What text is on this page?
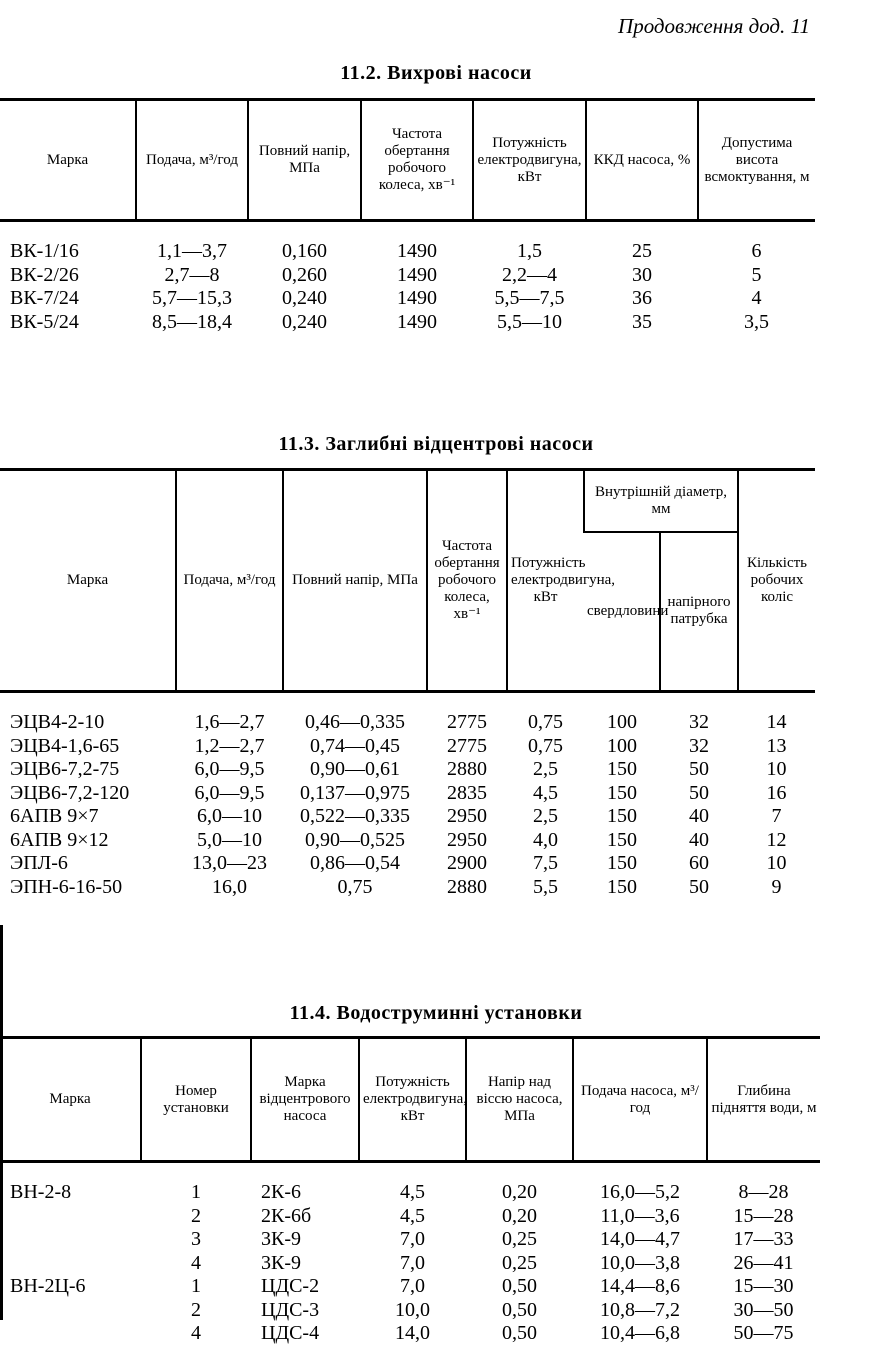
Продовження дод. 11
11.2. Вихрові насоси
Марка	Подача, м³/год	Повний напір, МПа	Частота обертання робочого колеса, хв⁻¹	Потужність електродвигуна, кВт	ККД насоса, %	Допустима висота всмоктування, м

ВК-1/16	1,1—3,7	0,160	1490	1,5	25	6
ВК-2/26	2,7—8	0,260	1490	2,2—4	30	5
ВК-7/24	5,7—15,3	0,240	1490	5,5—7,5	36	4
ВК-5/24	8,5—18,4	0,240	1490	5,5—10	35	3,5
11.3. Заглибні відцентрові насоси
Марка	Подача, м³/год	Повний напір, МПа	Частота обертання робочого колеса, хв⁻¹	Потужність електродвигуна, кВт	Внутрішній діаметр, мм		Кількість робочих коліс
					свердловини	напірного патрубка	

ЭЦВ4-2-10	1,6—2,7	0,46—0,335	2775	0,75	100	32	14
ЭЦВ4-1,6-65	1,2—2,7	0,74—0,45	2775	0,75	100	32	13
ЭЦВ6-7,2-75	6,0—9,5	0,90—0,61	2880	2,5	150	50	10
ЭЦВ6-7,2-120	6,0—9,5	0,137—0,975	2835	4,5	150	50	16
6АПВ 9×7	6,0—10	0,522—0,335	2950	2,5	150	40	7
6АПВ 9×12	5,0—10	0,90—0,525	2950	4,0	150	40	12
ЭПЛ-6	13,0—23	0,86—0,54	2900	7,5	150	60	10
ЭПН-6-16-50	16,0	0,75	2880	5,5	150	50	9
11.4. Водоструминні установки
Марка	Номер установки	Марка відцентрового насоса	Потужність електродвигуна, кВт	Напір над віссю насоса, МПа	Подача насоса, м³/год	Глибина підняття води, м

ВН-2-8	1	2К-6	4,5	0,20	16,0—5,2	8—28
	2	2К-6б	4,5	0,20	11,0—3,6	15—28
	3	3К-9	7,0	0,25	14,0—4,7	17—33
	4	3К-9	7,0	0,25	10,0—3,8	26—41
ВН-2Ц-6	1	ЦДС-2	7,0	0,50	14,4—8,6	15—30
	2	ЦДС-3	10,0	0,50	10,8—7,2	30—50
	4	ЦДС-4	14,0	0,50	10,4—6,8	50—75
